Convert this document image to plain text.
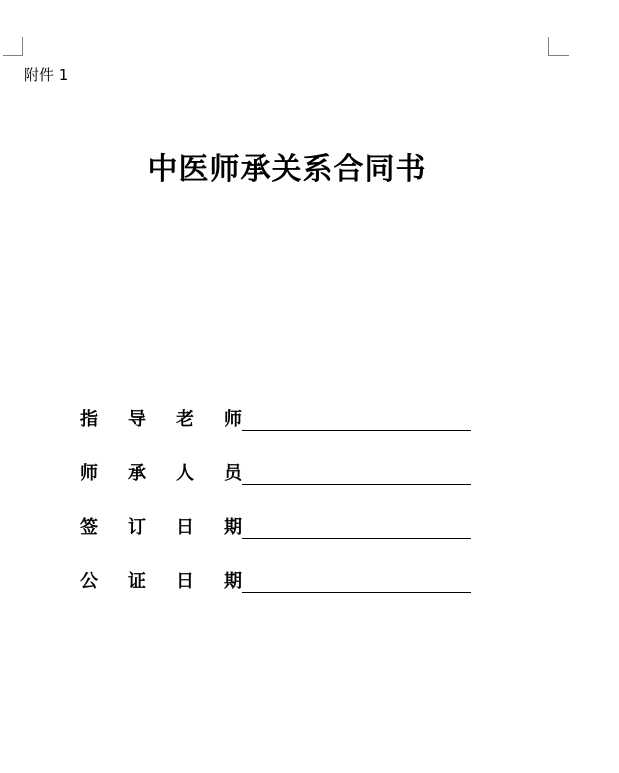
附件 1
中医师承关系合同书
指 导 老 师
师 承 人 员
签 订 日 期
公 证 日 期
